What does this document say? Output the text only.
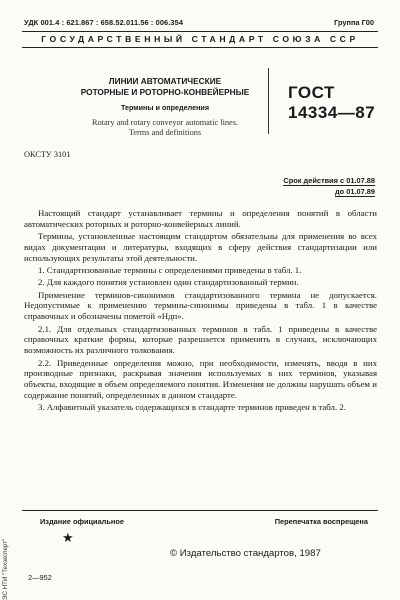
УДК 001.4 : 621.867 : 658.52.011.56 : 006.354	Группа Г00
ГОСУДАРСТВЕННЫЙ СТАНДАРТ СОЮЗА ССР
ЛИНИИ АВТОМАТИЧЕСКИЕ
РОТОРНЫЕ И РОТОРНО-КОНВЕЙЕРНЫЕ
Термины и определения
Rotary and rotary conveyor automatic lines.
Terms and definitions
ГОСТ
14334—87
ОКСТУ 3101
Срок действия с 01.07.88
до 01.07.89

Настоящий стандарт устанавливает термины и определения понятий в области автоматических роторных и роторно-конвейерных линий.

Термины, установленные настоящим стандартом обязательны для применения во всех видах документации и литературы, входящих в сферу действия стандартизации или использующих результаты этой деятельности.

1. Стандартизованные термины с определениями приведены в табл. 1.

2. Для каждого понятия установлен один стандартизованный термин.

Применение терминов-синонимов стандартизованного термина не допускается. Недопустимые к применению термины-синонимы приведены в табл. 1 в качестве справочных и обозначены пометой «Ндп».

2.1. Для отдельных стандартизованных терминов в табл. 1 приведены в качестве справочных краткие формы, которые разрешается применять в случаях, исключающих возможность их различного толкования.

2.2. Приведенные определения можно, при необходимости, изменять, вводя в них производные признаки, раскрывая значения используемых в них терминов, указывая объекты, входящие в объем определяемого понятия. Изменения не должны нарушать объем и содержание понятий, определенных в данном стандарте.

3. Алфавитный указатель содержащихся в стандарте терминов приведен в табл. 2.

ЭС НТИ "Техэксперт"
Издание официальное	Перепечатка воспрещена
★
© Издательство стандартов, 1987
2—952
